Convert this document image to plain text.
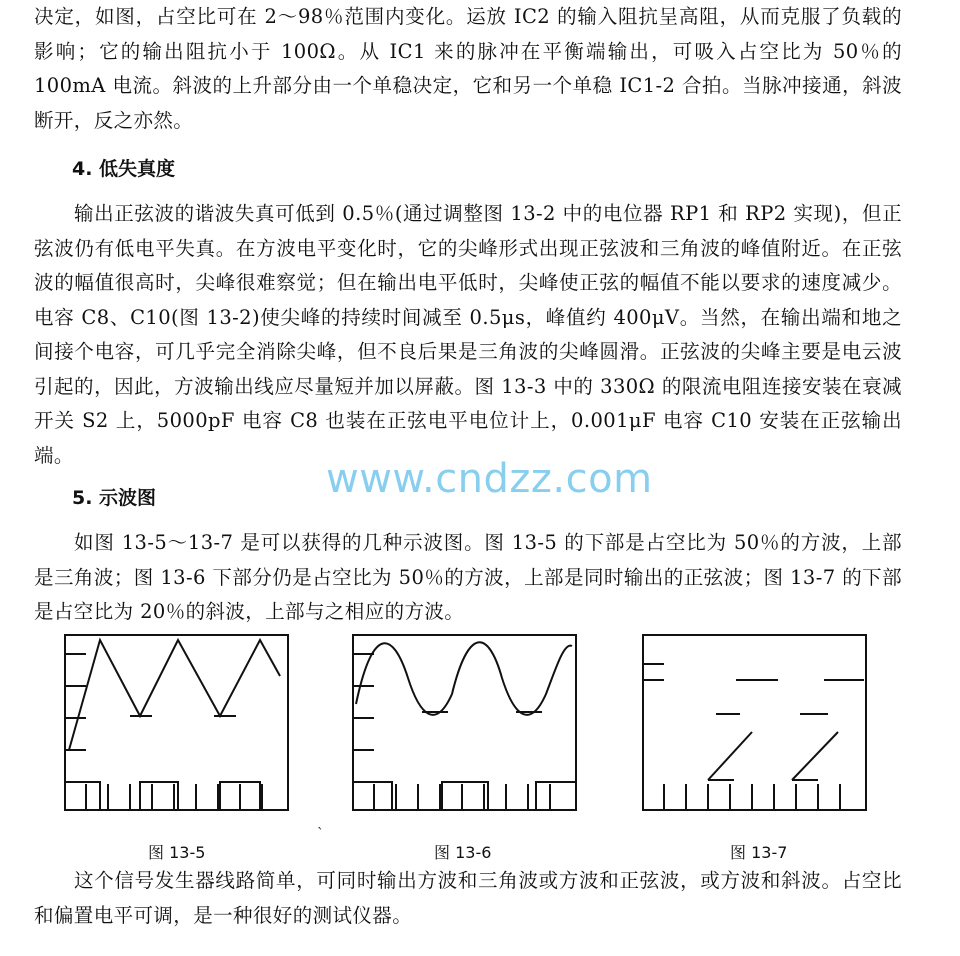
决定，如图，占空比可在 2～98％范围内变化。运放 IC2 的输入阻抗呈高阻，从而克服了负载的影响；它的输出阻抗小于 100Ω。从 IC1 来的脉冲在平衡端输出，可吸入占空比为 50％的 100mA 电流。斜波的上升部分由一个单稳决定，它和另一个单稳 IC1-2 合拍。当脉冲接通，斜波断开，反之亦然。

4. 低失真度

输出正弦波的谐波失真可低到 0.5％(通过调整图 13-2 中的电位器 RP1 和 RP2 实现)，但正弦波仍有低电平失真。在方波电平变化时，它的尖峰形式出现正弦波和三角波的峰值附近。在正弦波的幅值很高时，尖峰很难察觉；但在输出电平低时，尖峰使正弦的幅值不能以要求的速度减少。电容 C8、C10(图 13-2)使尖峰的持续时间减至 0.5μs，峰值约 400μV。当然，在输出端和地之间接个电容，可几乎完全消除尖峰，但不良后果是三角波的尖峰圆滑。正弦波的尖峰主要是电云波引起的，因此，方波输出线应尽量短并加以屏蔽。图 13-3 中的 330Ω 的限流电阻连接安装在衰减开关 S2 上，5000pF 电容 C8 也装在正弦电平电位计上，0.001μF 电容 C10 安装在正弦输出端。

www.cndzz.com
5. 示波图

如图 13-5～13-7 是可以获得的几种示波图。图 13-5 的下部是占空比为 50％的方波，上部是三角波；图 13-6 下部分仍是占空比为 50％的方波，上部是同时输出的正弦波；图 13-7 的下部是占空比为 20％的斜波，上部与之相应的方波。

`
图 13-5	图 13-6	图 13-7

这个信号发生器线路简单，可同时输出方波和三角波或方波和正弦波，或方波和斜波。占空比和偏置电平可调，是一种很好的测试仪器。
